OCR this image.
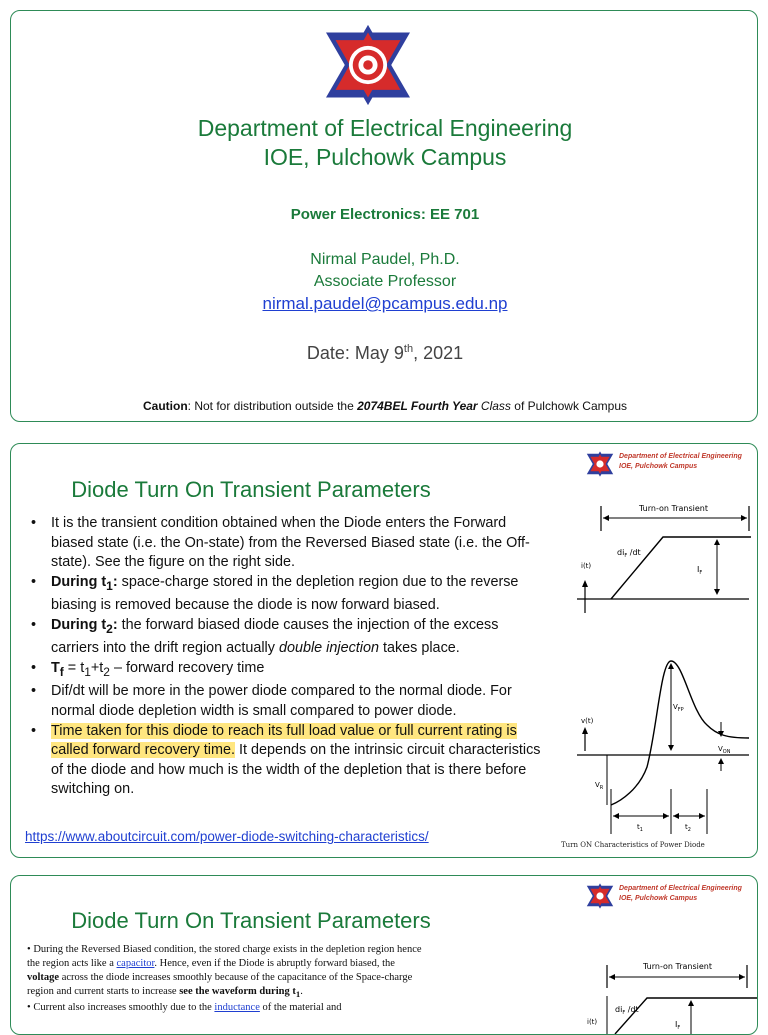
Department of Electrical Engineering
IOE, Pulchowk Campus
Power Electronics: EE 701
Nirmal Paudel, Ph.D.
Associate Professor
nirmal.paudel@pcampus.edu.np
Date: May 9th, 2021
Caution: Not for distribution outside the 2074BEL Fourth Year Class of Pulchowk Campus
Department of Electrical Engineering
IOE, Pulchowk Campus
Diode Turn On Transient Parameters
• It is the transient condition obtained when the Diode enters the Forward biased state (i.e. the On-state) from the Reversed Biased state (i.e. the Off-state). See the figure on the right side.
• During $t_1$: space-charge stored in the depletion region due to the reverse biasing is removed because the diode is now forward biased.
• During $t_2$: the forward biased diode causes the injection of the excess carriers into the drift region actually double injection takes place.
• $T_f = t_1+t_2$ – forward recovery time
• Dif/dt will be more in the power diode compared to the normal diode. For normal diode depletion width is small compared to power diode.
• Time taken for this diode to reach its full load value or full current rating is called forward recovery time. It depends on the intrinsic circuit characteristics of the diode and how much is the width of the depletion that is there before switching on.
https://www.aboutcircuit.com/power-diode-switching-characteristics/
Turn-on Transient
i(t)
$di_F$ /dt
$I_F$
v(t)
$V_{FP}$
$V_{ON}$
$V_R$
$t_1$	$t_2$
Turn ON Characteristics of Power Diode
Department of Electrical Engineering
IOE, Pulchowk Campus
Diode Turn On Transient Parameters

• During the Reversed Biased condition, the stored charge exists in the depletion region hence the region acts like a capacitor. Hence, even if the Diode is abruptly forward biased, the voltage across the diode increases smoothly because of the capacitance of the Space-charge region and current starts to increase see the waveform during $t_1$.

• Current also increases smoothly due to the inductance of the material and

Turn-on Transient
$di_F$ /dt
i(t)	$I_F$
